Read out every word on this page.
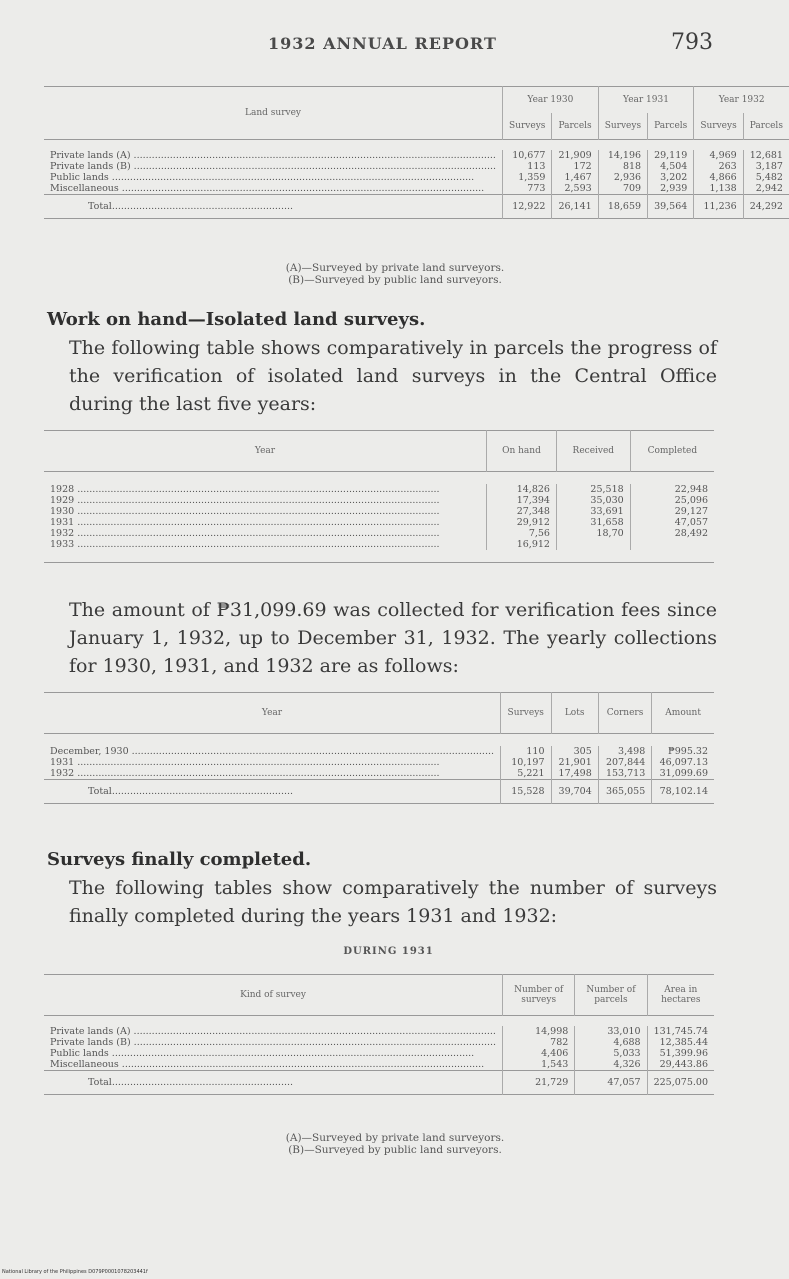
1932 ANNUAL REPORT	793
Land survey	Year 1930		Year 1931		Year 1932	
	Surveys	Parcels	Surveys	Parcels	Surveys	Parcels

Private lands (A) ........................................................................................................................	10,677	21,909	14,196	29,119	4,969	12,681
Private lands (B) ........................................................................................................................	113	172	818	4,504	263	3,187
Public lands ........................................................................................................................	1,359	1,467	2,936	3,202	4,866	5,482
Miscellaneous ........................................................................................................................	773	2,593	709	2,939	1,138	2,942
Total............................................................	12,922	26,141	18,659	39,564	11,236	24,292
(A)—Surveyed by private land surveyors.
(B)—Surveyed by public land surveyors.
Work on hand—Isolated land surveys.
The following table shows comparatively in parcels the progress of the verification of isolated land surveys in the Central Office during the last five years:
Year	On hand	Received	Completed

1928 ........................................................................................................................	14,826	25,518	22,948
1929 ........................................................................................................................	17,394	35,030	25,096
1930 ........................................................................................................................	27,348	33,691	29,127
1931 ........................................................................................................................	29,912	31,658	47,057
1932 ........................................................................................................................	7,56	18,70	28,492
1933 ........................................................................................................................	16,912		

The amount of ₱31,099.69 was collected for verification fees since January 1, 1932, up to December 31, 1932. The yearly collections for 1930, 1931, and 1932 are as follows:
Year	Surveys	Lots	Corners	Amount

December, 1930 ........................................................................................................................	110	305	3,498	₱995.32
1931 ........................................................................................................................	10,197	21,901	207,844	46,097.13
1932 ........................................................................................................................	5,221	17,498	153,713	31,099.69
Total............................................................	15,528	39,704	365,055	78,102.14
Surveys finally completed.
The following tables show comparatively the number of surveys finally completed during the years 1931 and 1932:
DURING 1931
Kind of survey	Number of surveys	Number of parcels	Area in hectares

Private lands (A) ........................................................................................................................	14,998	33,010	131,745.74
Private lands (B) ........................................................................................................................	782	4,688	12,385.44
Public lands ........................................................................................................................	4,406	5,033	51,399.96
Miscellaneous ........................................................................................................................	1,543	4,326	29,443.86
Total............................................................	21,729	47,057	225,075.00
(A)—Surveyed by private land surveyors.
(B)—Surveyed by public land surveyors.
National Library of the Philippines D079P0001078203441f
